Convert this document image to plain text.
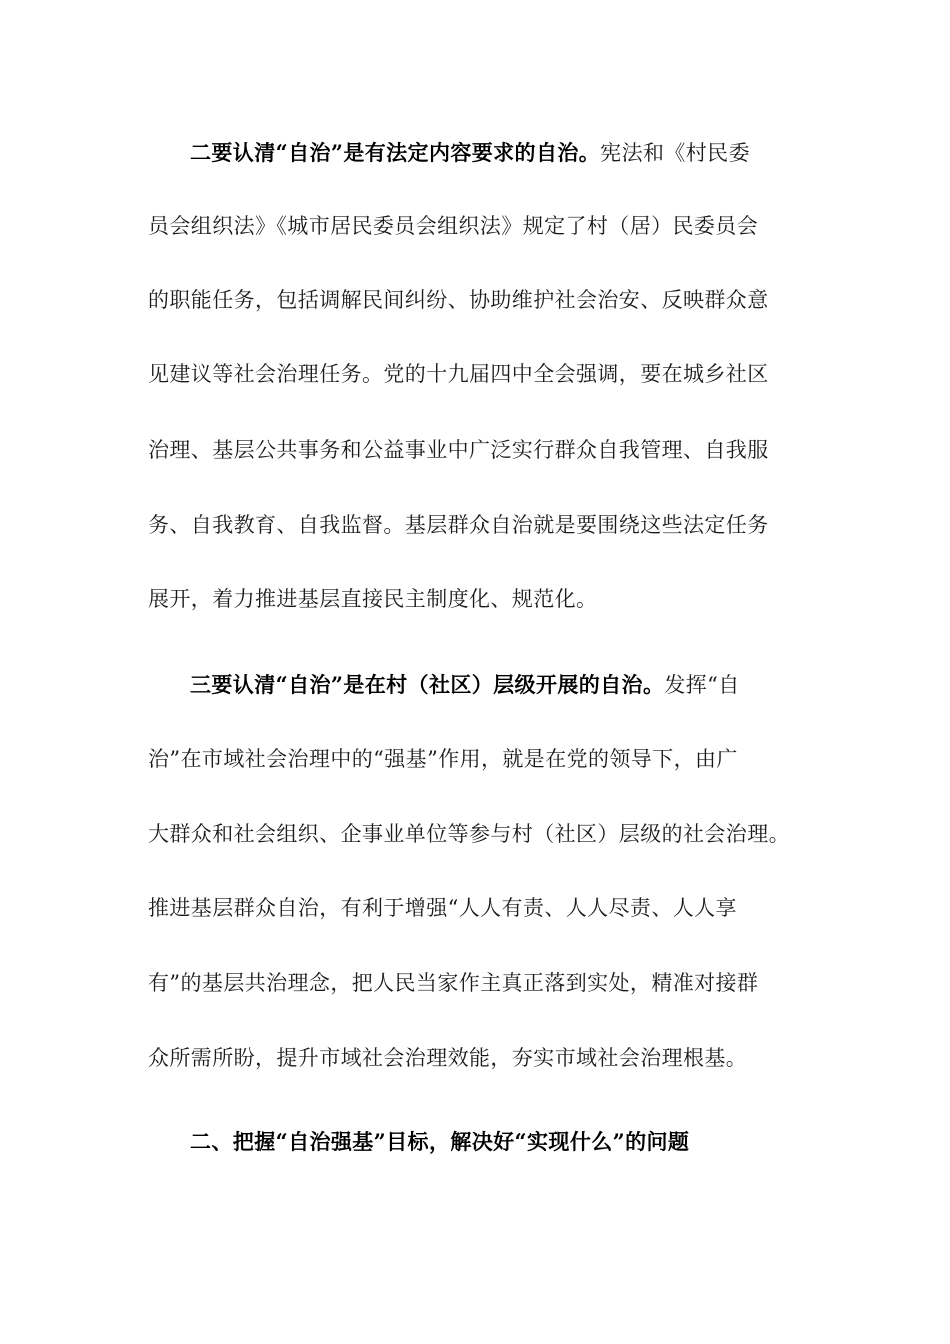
二要认清“自治”是有法定内容要求的自治。宪法和《村民委
员会组织法》《城市居民委员会组织法》规定了村（居）民委员会
的职能任务，包括调解民间纠纷、协助维护社会治安、反映群众意
见建议等社会治理任务。党的十九届四中全会强调，要在城乡社区
治理、基层公共事务和公益事业中广泛实行群众自我管理、自我服
务、自我教育、自我监督。基层群众自治就是要围绕这些法定任务
展开，着力推进基层直接民主制度化、规范化。
三要认清“自治”是在村（社区）层级开展的自治。发挥“自
治”在市域社会治理中的“强基”作用，就是在党的领导下，由广
大群众和社会组织、企事业单位等参与村（社区）层级的社会治理。
推进基层群众自治，有利于增强“人人有责、人人尽责、人人享
有”的基层共治理念，把人民当家作主真正落到实处，精准对接群
众所需所盼，提升市域社会治理效能，夯实市域社会治理根基。
二、把握“自治强基”目标，解决好“实现什么”的问题
